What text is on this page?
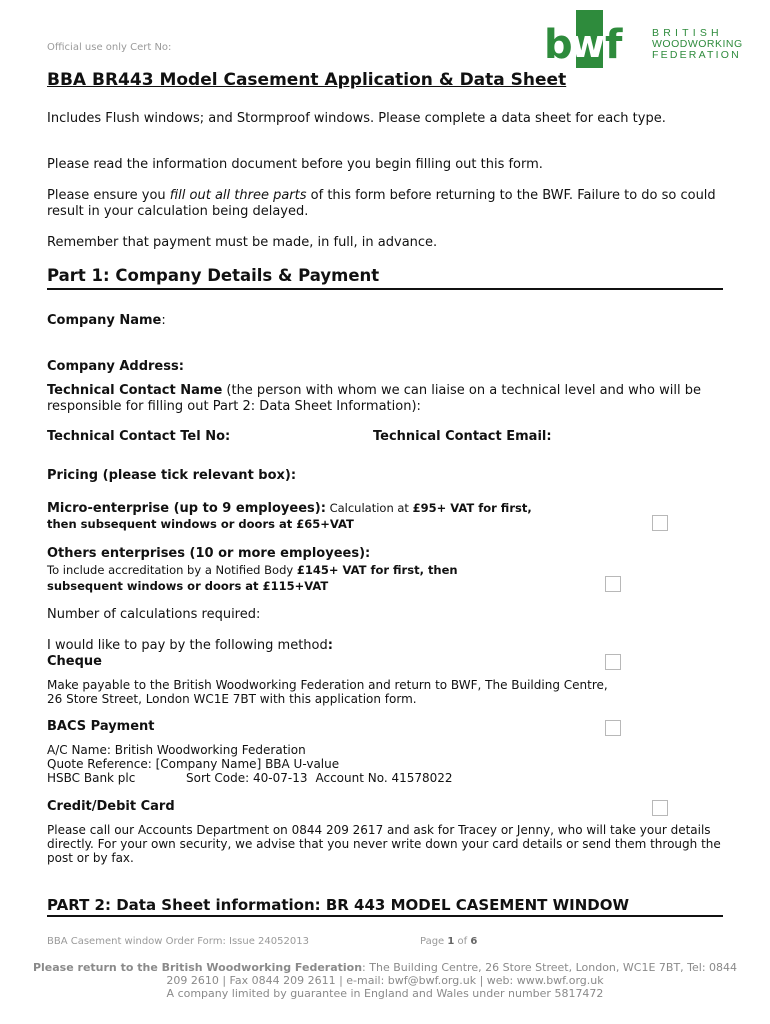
Official use only Cert No:	b
w f	BRITISH
WOODWORKING
FEDERATION
BBA BR443 Model Casement Application & Data Sheet
Includes Flush windows; and Stormproof windows. Please complete a data sheet for each type.
Please read the information document before you begin filling out this form.
Please ensure you fill out all three parts of this form before returning to the BWF. Failure to do so could result in your calculation being delayed.
Remember that payment must be made, in full, in advance.
Part 1: Company Details & Payment
Company Name:
Company Address:
Technical Contact Name (the person with whom we can liaise on a technical level and who will be responsible for filling out Part 2: Data Sheet Information):
Technical Contact Tel No:	Technical Contact Email:
Pricing (please tick relevant box):
Micro-enterprise (up to 9 employees): Calculation at £95+ VAT for first,
then subsequent windows or doors at £65+VAT
Others enterprises (10 or more employees):
To include accreditation by a Notified Body £145+ VAT for first, then
subsequent windows or doors at £115+VAT
Number of calculations required:
I would like to pay by the following method:
Cheque
Make payable to the British Woodworking Federation and return to BWF, The Building Centre,
26 Store Street, London WC1E 7BT with this application form.
BACS Payment
A/C Name: British Woodworking Federation
Quote Reference: [Company Name] BBA U-value
HSBC Bank plc	Sort Code: 40-07-13 Account No. 41578022
Credit/Debit Card
Please call our Accounts Department on 0844 209 2617 and ask for Tracey or Jenny, who will take your details directly. For your own security, we advise that you never write down your card details or send them through the post or by fax.
PART 2: Data Sheet information: BR 443 MODEL CASEMENT WINDOW
BBA Casement window Order Form: Issue 24052013	Page 1 of 6
Please return to the British Woodworking Federation: The Building Centre, 26 Store Street, London, WC1E 7BT, Tel: 0844 209 2610 | Fax 0844 209 2611 | e-mail: bwf@bwf.org.uk | web: www.bwf.org.uk
A company limited by guarantee in England and Wales under number 5817472
